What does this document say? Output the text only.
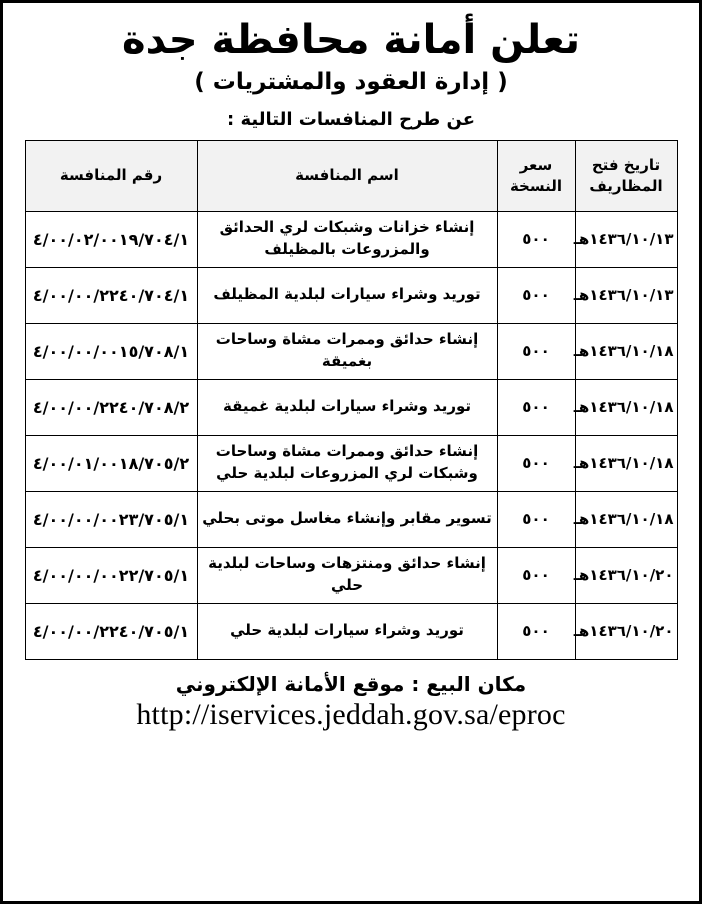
تعلن أمانة محافظة جدة
( إدارة العقود والمشتريات )
عن طرح المنافسات التالية :
تاريخ فتح المظاريف	سعر النسخة	اسم المنافسة	رقم المنافسة
١٤٣٦/١٠/١٣هـ	٥٠٠	إنشاء خزانات وشبكات لري الحدائق والمزروعات بالمظيلف	٤/٠٠/٠٢/٠٠١٩/٧٠٤/١
١٤٣٦/١٠/١٣هـ	٥٠٠	توريد وشراء سيارات لبلدية المظيلف	٤/٠٠/٠٠/٢٢٤٠/٧٠٤/١
١٤٣٦/١٠/١٨هـ	٥٠٠	إنشاء حدائق وممرات مشاة وساحات بغميقة	٤/٠٠/٠٠/٠٠١٥/٧٠٨/١
١٤٣٦/١٠/١٨هـ	٥٠٠	توريد وشراء سيارات لبلدية غميقة	٤/٠٠/٠٠/٢٢٤٠/٧٠٨/٢
١٤٣٦/١٠/١٨هـ	٥٠٠	إنشاء حدائق وممرات مشاة وساحات وشبكات لري المزروعات لبلدية حلي	٤/٠٠/٠١/٠٠١٨/٧٠٥/٢
١٤٣٦/١٠/١٨هـ	٥٠٠	تسوير مقابر وإنشاء مغاسل موتى بحلي	٤/٠٠/٠٠/٠٠٢٣/٧٠٥/١
١٤٣٦/١٠/٢٠هـ	٥٠٠	إنشاء حدائق ومنتزهات وساحات لبلدية حلي	٤/٠٠/٠٠/٠٠٢٢/٧٠٥/١
١٤٣٦/١٠/٢٠هـ	٥٠٠	توريد وشراء سيارات لبلدية حلي	٤/٠٠/٠٠/٢٢٤٠/٧٠٥/١
مكان البيع : موقع الأمانة الإلكتروني
http://iservices.jeddah.gov.sa/eproc
